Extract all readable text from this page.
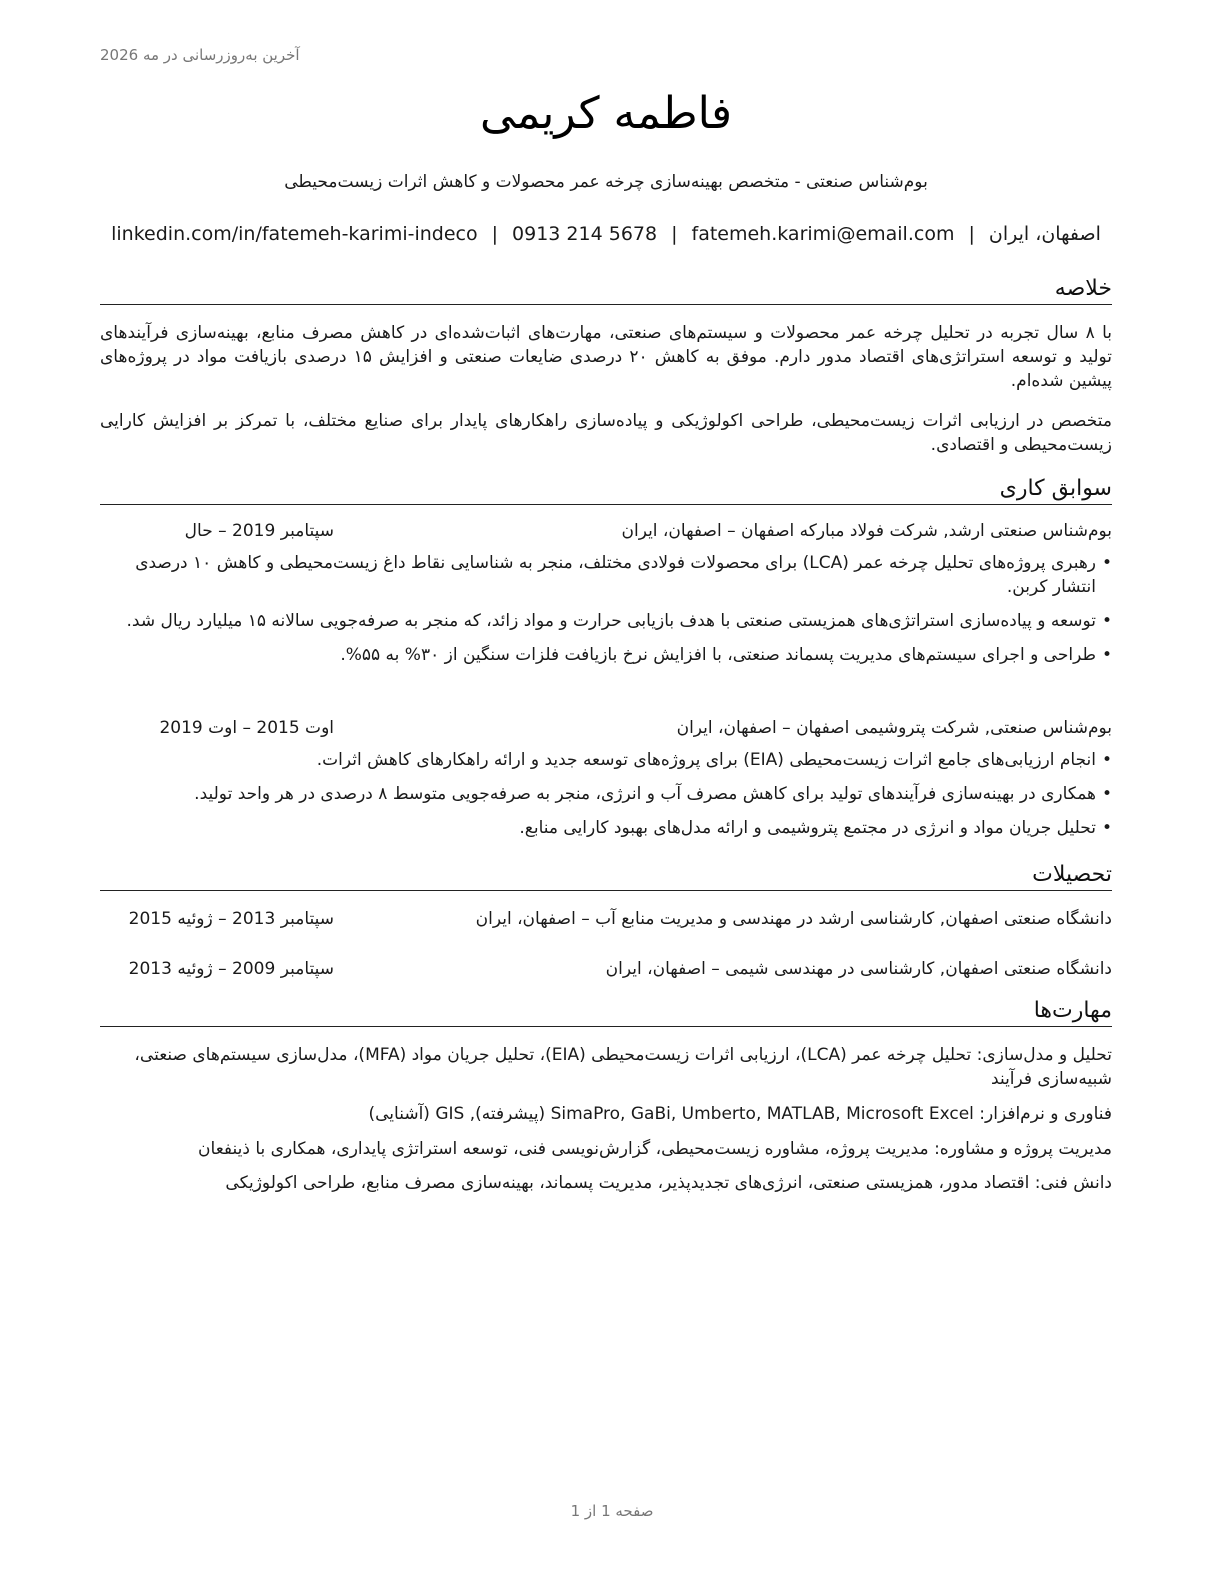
آخرین به‌روزرسانی در مه 2026
فاطمه کریمی
بوم‌شناس صنعتی - متخصص بهینه‌سازی چرخه عمر محصولات و کاهش اثرات زیست‌محیطی
اصفهان، ایران|fatemeh.karimi@email.com|0913 214 5678|linkedin.com/in/fatemeh-karimi-indeco
خلاصه
با ۸ سال تجربه در تحلیل چرخه عمر محصولات و سیستم‌های صنعتی، مهارت‌های اثبات‌شده‌ای در کاهش مصرف منابع، بهینه‌سازی فرآیندهای تولید و توسعه استراتژی‌های اقتصاد مدور دارم. موفق به کاهش ۲۰ درصدی ضایعات صنعتی و افزایش ۱۵ درصدی بازیافت مواد در پروژه‌های پیشین شده‌ام.
متخصص در ارزیابی اثرات زیست‌محیطی، طراحی اکولوژیکی و پیاده‌سازی راهکارهای پایدار برای صنایع مختلف، با تمرکز بر افزایش کارایی زیست‌محیطی و اقتصادی.
سوابق کاری
بوم‌شناس صنعتی ارشد, شرکت فولاد مبارکه اصفهان – اصفهان، ایران
سپتامبر 2019 – حال
• رهبری پروژه‌های تحلیل چرخه عمر (LCA) برای محصولات فولادی مختلف، منجر به شناسایی نقاط داغ زیست‌محیطی و کاهش ۱۰ درصدی انتشار کربن.
• توسعه و پیاده‌سازی استراتژی‌های همزیستی صنعتی با هدف بازیابی حرارت و مواد زائد، که منجر به صرفه‌جویی سالانه ۱۵ میلیارد ریال شد.
• طراحی و اجرای سیستم‌های مدیریت پسماند صنعتی، با افزایش نرخ بازیافت فلزات سنگین از ۳۰% به ۵۵%.
بوم‌شناس صنعتی, شرکت پتروشیمی اصفهان – اصفهان، ایران
اوت 2015 – اوت 2019
• انجام ارزیابی‌های جامع اثرات زیست‌محیطی (EIA) برای پروژه‌های توسعه جدید و ارائه راهکارهای کاهش اثرات.
• همکاری در بهینه‌سازی فرآیندهای تولید برای کاهش مصرف آب و انرژی، منجر به صرفه‌جویی متوسط ۸ درصدی در هر واحد تولید.
• تحلیل جریان مواد و انرژی در مجتمع پتروشیمی و ارائه مدل‌های بهبود کارایی منابع.
تحصیلات
دانشگاه صنعتی اصفهان, کارشناسی ارشد در مهندسی و مدیریت منابع آب – اصفهان، ایران
سپتامبر 2013 – ژوئیه 2015
دانشگاه صنعتی اصفهان, کارشناسی در مهندسی شیمی – اصفهان، ایران
سپتامبر 2009 – ژوئیه 2013
مهارت‌ها
تحلیل و مدل‌سازی: تحلیل چرخه عمر (LCA)، ارزیابی اثرات زیست‌محیطی (EIA)، تحلیل جریان مواد (MFA)، مدل‌سازی سیستم‌های صنعتی، شبیه‌سازی فرآیند
فناوری و نرم‌افزار: SimaPro, GaBi, Umberto, MATLAB, Microsoft Excel (پیشرفته), GIS (آشنایی)
مدیریت پروژه و مشاوره: مدیریت پروژه، مشاوره زیست‌محیطی، گزارش‌نویسی فنی، توسعه استراتژی پایداری، همکاری با ذینفعان
دانش فنی: اقتصاد مدور، همزیستی صنعتی، انرژی‌های تجدیدپذیر، مدیریت پسماند، بهینه‌سازی مصرف منابع، طراحی اکولوژیکی
صفحه 1 از 1
